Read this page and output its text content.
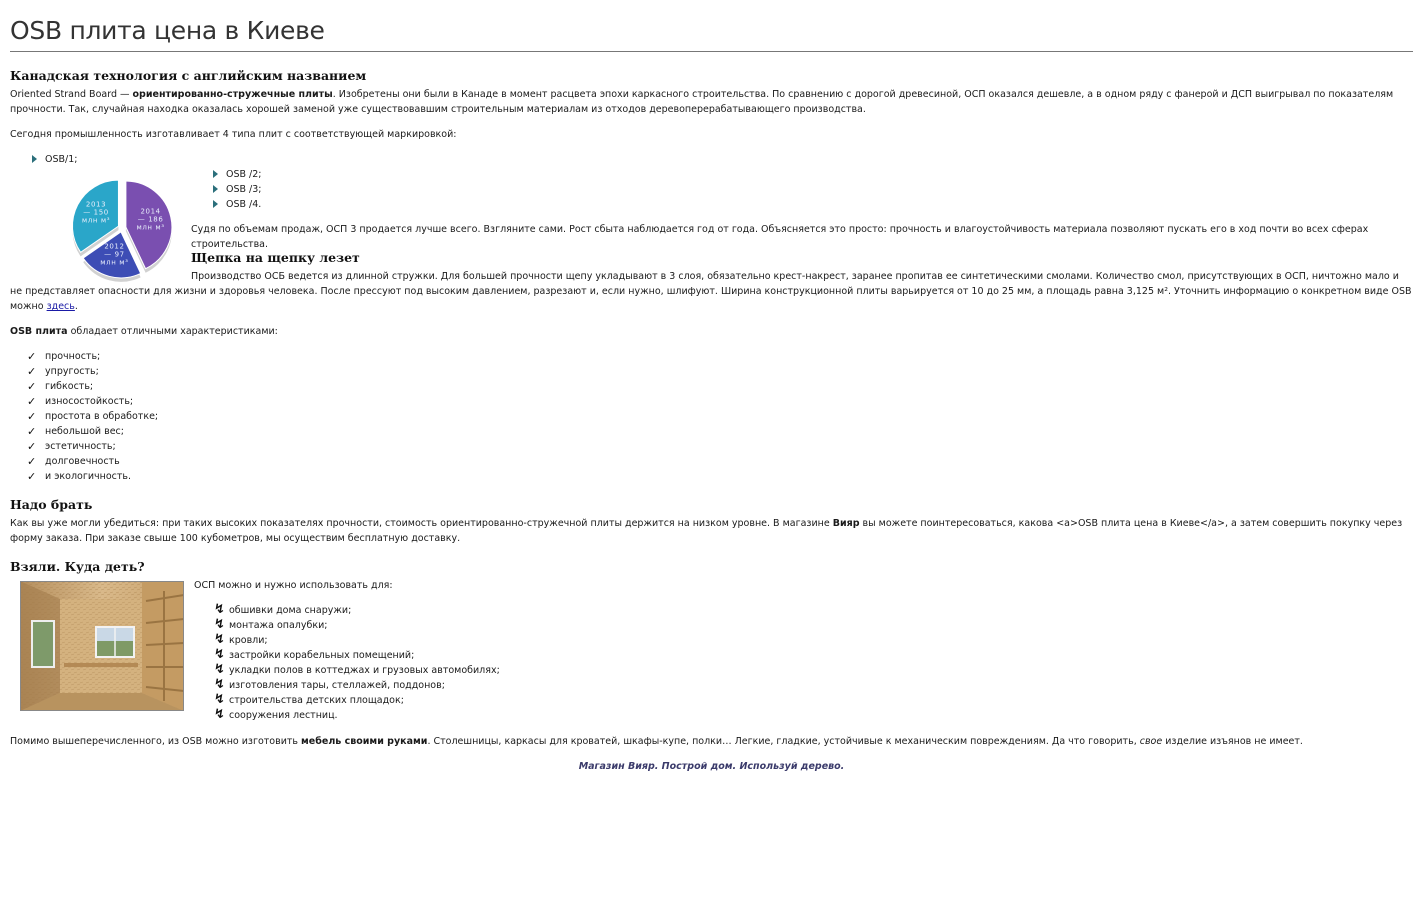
OSB плита цена в Киеве
Канадская технология с английским названием

Oriented Strand Board — ориентированно-стружечные плиты. Изобретены они были в Канаде в момент расцвета эпохи каркасного строительства. По сравнению с дорогой древесиной, ОСП оказался дешевле, а в одном ряду с фанерой и ДСП выигрывал по показателям прочности. Так, случайная находка оказалась хорошей заменой уже существовавшим строительным материалам из отходов деревоперерабатывающего производства.

Сегодня промышленность изготавливает 4 типа плит с соответствующей маркировкой:

OSB/1;
2014 — 186 млн м³
2012 — 97 млн м³
2013 — 150 млн м³
OSB /2;
OSB /3;
OSB /4.

Судя по объемам продаж, ОСП 3 продается лучше всего. Взгляните сами. Рост сбыта наблюдается год от года. Объясняется это просто: прочность и влагоустойчивость материала позволяют пускать его в ход почти во всех сферах строительства.

Щепка на щепку лезет

Производство ОСБ ведется из длинной стружки. Для большей прочности щепу укладывают в 3 слоя, обязательно крест-накрест, заранее пропитав ее синтетическими смолами. Количество смол, присутствующих в ОСП, ничтожно мало и не представляет опасности для жизни и здоровья человека. После прессуют под высоким давлением, разрезают и, если нужно, шлифуют. Ширина конструкционной плиты варьируется от 10 до 25 мм, а площадь равна 3,125 м². Уточнить информацию о конкретном виде OSB можно здесь.

OSB плита обладает отличными характеристиками:

✓ прочность;
✓ упругость;
✓ гибкость;
✓ износостойкость;
✓ простота в обработке;
✓ небольшой вес;
✓ эстетичность;
✓ долговечность
✓ и экологичность.
Надо брать

Как вы уже могли убедиться: при таких высоких показателях прочности, стоимость ориентированно-стружечной плиты держится на низком уровне. В магазине Вияр вы можете поинтересоваться, какова <a>OSB плита цена в Киеве</a>, а затем совершить покупку через форму заказа. При заказе свыше 100 кубометров, мы осуществим бесплатную доставку.

Взяли. Куда деть?

ОСП можно и нужно использовать для:

↯ обшивки дома снаружи;
↯ монтажа опалубки;
↯ кровли;
↯ застройки корабельных помещений;
↯ укладки полов в коттеджах и грузовых автомобилях;
↯ изготовления тары, стеллажей, поддонов;
↯ строительства детских площадок;
↯ сооружения лестниц.

Помимо вышеперечисленного, из OSB можно изготовить мебель своими руками. Столешницы, каркасы для кроватей, шкафы-купе, полки… Легкие, гладкие, устойчивые к механическим повреждениям. Да что говорить, свое изделие изъянов не имеет.

Магазин Вияр. Построй дом. Используй дерево.
